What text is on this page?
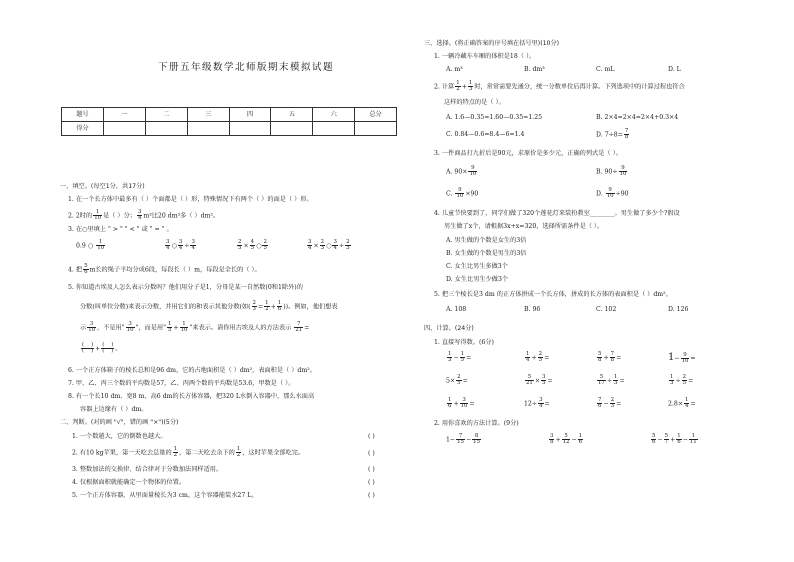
下册五年级数学北师版期末模拟试题
题号	一	二	三	四	五	六	总分
得分							
一、填空。(每空1分，共17分)
1. 在一个长方体中最多有（ ）个面都是（ ）形，特殊情况下有两个（ ）的面是（ ）形。
2. 2时的 $\frac{1}{10}$ 是（ ）分； $\frac{3}{4} m^3$比20 dm³多（ ）dm³。
3. 在○里填上 " > " " < " 或 " = " 。
0.9 ○ $\frac{1}{10}$	$\frac{3}{4}$ ○ $\frac{3}{4} \div \frac{3}{4}$	$\frac{2}{5} \times \frac{4}{5}$ ○ $\frac{2}{5}$	$\frac{3}{4} \times \frac{2}{3}$ ○ $\frac{3}{4} \div \frac{2}{3}$
4. 把 $\frac{5}{6}$ m长的绳子平均分成6段，每段长（ ）m，每段是全长的（ ）。
5. 你知道古埃及人怎么表示分数吗？他们用分子是1，分母是某一自然数(0和1除外)的
分数(叫单位分数)来表示分数，并用它们的和表示其他分数(如( $\frac{2}{3} = \frac{1}{2} + \frac{1}{6}$ ))。例如，他们想表
示 $\frac{3}{10}$ ，不是用" $\frac{3}{10}$ "，而是用" $\frac{1}{5} + \frac{1}{10}$ "来表示。请你用古埃及人的方法表示 $\frac{7}{21}$ =
$\frac{( )}{( )} + \frac{( )}{( )}$ 。
6. 一个正方体箱子的棱长总和是96 dm，它的占地面积是（ ）dm²，表面积是（ ）dm²。
7. 甲、乙、丙三个数的平均数是57，乙、丙两个数的平均数是53.6，甲数是（ ）。
8. 有一个长10 dm、宽8 m、高6 dm的长方体容器，把320 L水倒入容器中，那么水面高
容器上边缘有（ ）dm。
二、判断。(对的画 "√"，错的画 "×")(5分)
1. 一个数越大，它的倒数也越大。	( )
2. 有10 kg苹果，第一天吃去总量的 $\frac{1}{2}$ ，第二天吃去余下的 $\frac{1}{2}$ ，这时苹果全部吃完。	( )
3. 整数加法的交换律、结合律对于分数加法同样适用。	( )
4. 仅根据面积就能确定一个物体的位置。	( )
5. 一个正方体容器，从里面量棱长为3 cm，这个容器能装水27 L。	( )
三、选择。(将正确答案的序号填在括号里)(10分)
1. 一辆冷藏车车厢的体积是18（ ）。
A. m³	B. dm³	C. mL	D. L
2. 计算 $\frac{1}{2} + \frac{1}{3}$ 时，常常需要先通分，统一分数单位后再计算。下列选项中的计算过程也符合
这样的特点的是（ ）。
A. 1.6—0.35=1.60—0.35=1.25	B. 2×4=2×4=2×4+0.3×4
C. 0.84—0.6=8.4—6=1.4	D. $7\div 8= \frac{7}{8}$
3. 一件商品打九折后是90元，求原价是多少元，正确的列式是（ ）。
A. $90\times \frac{9}{10}$	B. $90\div \frac{9}{10}$
C. $\frac{9}{10} \times 90$	D. $\frac{9}{10} \div 90$
4. 儿童节快要到了，同学们做了320个莲花灯来装扮教室________。男生做了多少个?假设
男生做了x个，请根据3x+x=320，选择所需条件是（ ）。
A. 男生做的个数是女生的3倍
B. 女生做的个数是男生的3倍
C. 女生比男生多做3个
D. 女生比男生少做3个
5. 把三个棱长是3 dm 的正方体拼成一个长方体，拼成的长方体的表面积是（ ）dm²。
A. 108	B. 96	C. 102	D. 126
四、计算。(24分)
1. 直接写得数。(6分)
$\frac{1}{3} - \frac{1}{5}$ =	$\frac{1}{4} + \frac{2}{5}$ =	$\frac{5}{8} + \frac{7}{8}$ =	$1- \frac{9}{10}$ =
$5\times \frac{2}{5}$ =	$\frac{5}{21} \times \frac{3}{5}$ =	$\frac{5}{17} \div \frac{1}{3}$ =	$\frac{1}{3} \div \frac{2}{5}$ =
$\frac{1}{6} + \frac{3}{10}$ =	$12\div \frac{3}{4}$ =	$\frac{7}{6} - \frac{2}{3}$ =	$2.8\times \frac{1}{4}$ =
2. 用你喜欢的方法计算。(9分)
$1- \frac{7}{15} - \frac{8}{15}$	$\frac{3}{8} + \frac{5}{12} - \frac{1}{6}$	$\frac{5}{6} - \frac{5}{7} + \frac{1}{6} - \frac{1}{11}$
